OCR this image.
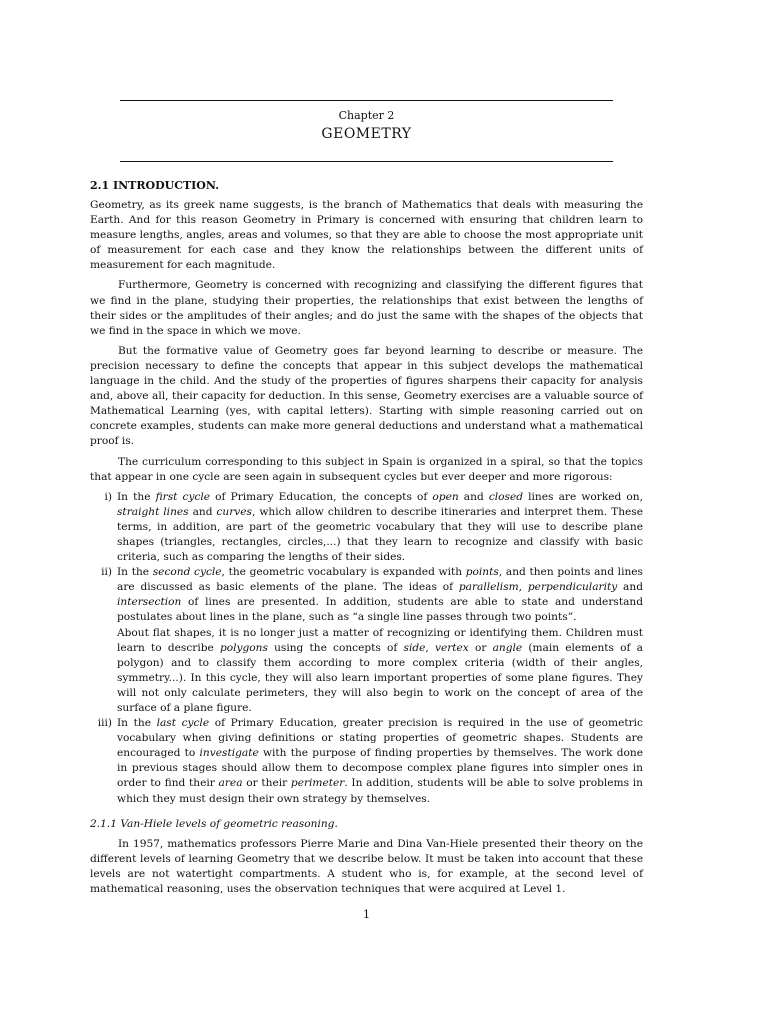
Chapter 2
GEOMETRY
2.1 INTRODUCTION.

Geometry, as its greek name suggests, is the branch of Mathematics that deals with measuring the Earth. And for this reason Geometry in Primary is concerned with ensuring that children learn to measure lengths, angles, areas and volumes, so that they are able to choose the most appropriate unit of measurement for each case and they know the relationships between the different units of measurement for each magnitude.

Furthermore, Geometry is concerned with recognizing and classifying the different figures that we find in the plane, studying their properties, the relationships that exist between the lengths of their sides or the amplitudes of their angles; and do just the same with the shapes of the objects that we find in the space in which we move.

But the formative value of Geometry goes far beyond learning to describe or measure. The precision necessary to define the concepts that appear in this subject develops the mathematical language in the child. And the study of the properties of figures sharpens their capacity for analysis and, above all, their capacity for deduction. In this sense, Geometry exercises are a valuable source of Mathematical Learning (yes, with capital letters). Starting with simple reasoning carried out on concrete examples, students can make more general deductions and understand what a mathematical proof is.

The curriculum corresponding to this subject in Spain is organized in a spiral, so that the topics that appear in one cycle are seen again in subsequent cycles but ever deeper and more rigorous:

i) In the first cycle of Primary Education, the concepts of open and closed lines are worked on, straight lines and curves, which allow children to describe itineraries and interpret them. These terms, in addition, are part of the geometric vocabulary that they will use to describe plane shapes (triangles, rectangles, circles,...) that they learn to recognize and classify with basic criteria, such as comparing the lengths of their sides.

ii) In the second cycle, the geometric vocabulary is expanded with points, and then points and lines are discussed as basic elements of the plane. The ideas of parallelism, perpendicularity and intersection of lines are presented. In addition, students are able to state and understand postulates about lines in the plane, such as “a single line passes through two points”.

About flat shapes, it is no longer just a matter of recognizing or identifying them. Children must learn to describe polygons using the concepts of side, vertex or angle (main elements of a polygon) and to classify them according to more complex criteria (width of their angles, symmetry...). In this cycle, they will also learn important properties of some plane figures. They will not only calculate perimeters, they will also begin to work on the concept of area of the surface of a plane figure.

iii) In the last cycle of Primary Education, greater precision is required in the use of geometric vocabulary when giving definitions or stating properties of geometric shapes. Students are encouraged to investigate with the purpose of finding properties by themselves. The work done in previous stages should allow them to decompose complex plane figures into simpler ones in order to find their area or their perimeter. In addition, students will be able to solve problems in which they must design their own strategy by themselves.

2.1.1 Van-Hiele levels of geometric reasoning.

In 1957, mathematics professors Pierre Marie and Dina Van-Hiele presented their theory on the different levels of learning Geometry that we describe below. It must be taken into account that these levels are not watertight compartments. A student who is, for example, at the second level of mathematical reasoning, uses the observation techniques that were acquired at Level 1.

1
